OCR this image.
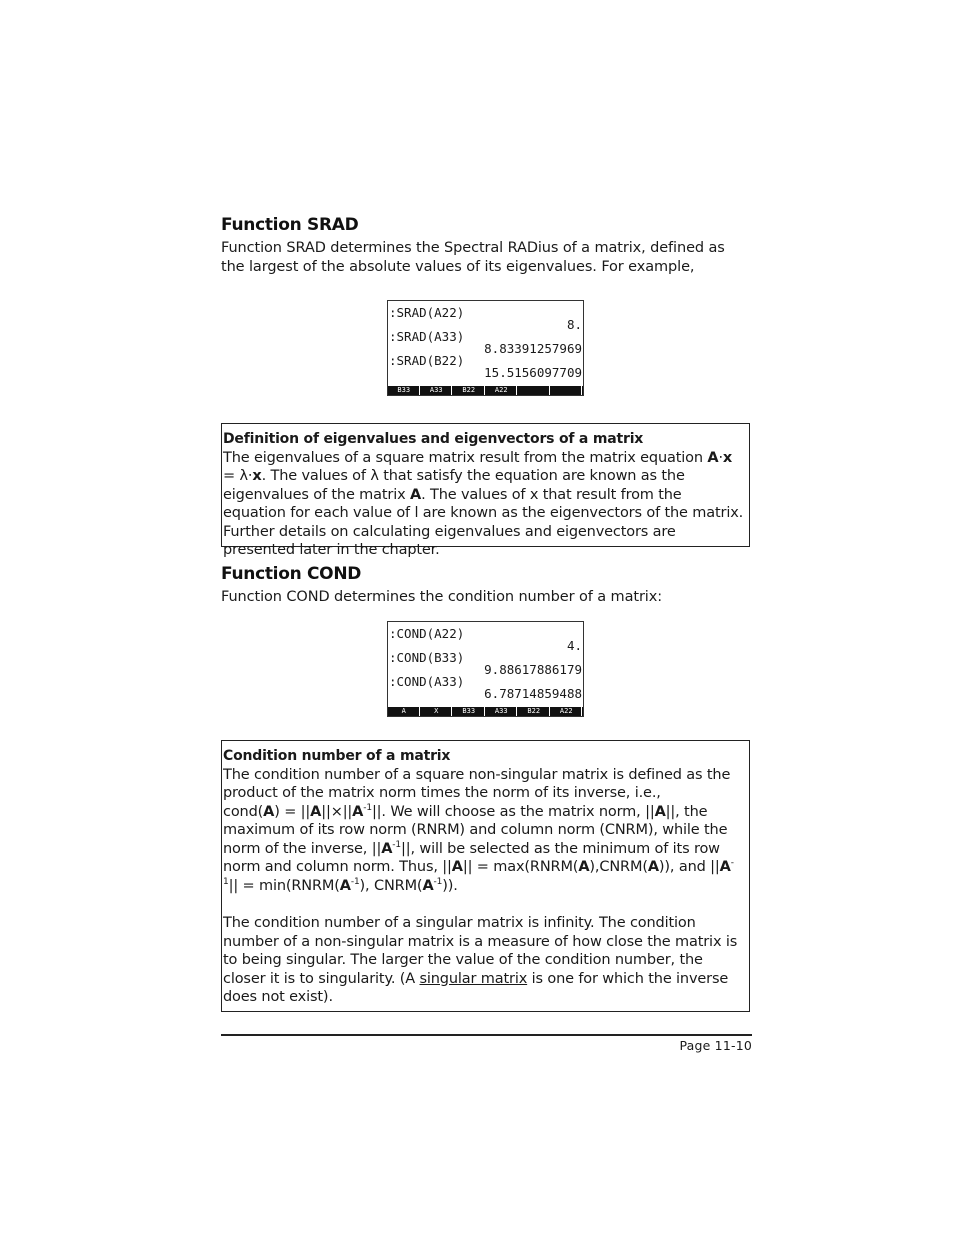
Function SRAD

Function SRAD determines the Spectral RADius of a matrix, defined as the largest of the absolute values of its eigenvalues. For example,

:SRAD(A22)
8.
:SRAD(A33)
8.83391257969
:SRAD(B22)
15.5156097709
B33	A33	B22	A22
Definition of eigenvalues and eigenvectors of a matrix

The eigenvalues of a square matrix result from the matrix equation A⋅x = λ⋅x. The values of λ that satisfy the equation are known as the eigenvalues of the matrix A. The values of x that result from the equation for each value of l are known as the eigenvectors of the matrix. Further details on calculating eigenvalues and eigenvectors are presented later in the chapter.

Function COND

Function COND determines the condition number of a matrix:

:COND(A22)
4.
:COND(B33)
9.88617886179
:COND(A33)
6.78714859488
A	X	B33	A33	B22	A22
Condition number of a matrix

The condition number of a square non-singular matrix is defined as the product of the matrix norm times the norm of its inverse, i.e.,
cond(A) = $||A||\times||A^{-1}||$. We will choose as the matrix norm, ||A||, the maximum of its row norm (RNRM) and column norm (CNRM), while the norm of the inverse, $||A^{-1}||$, will be selected as the minimum of its row norm and column norm. Thus, ||A|| = max(RNRM(A),CNRM(A)), and $||A^{-1}||$ = $\min(RNRM(A^{-1})$, $CNRM(A^{-1})$).

The condition number of a singular matrix is infinity. The condition number of a non-singular matrix is a measure of how close the matrix is to being singular. The larger the value of the condition number, the closer it is to singularity. (A singular matrix is one for which the inverse does not exist).

Page 11-10
